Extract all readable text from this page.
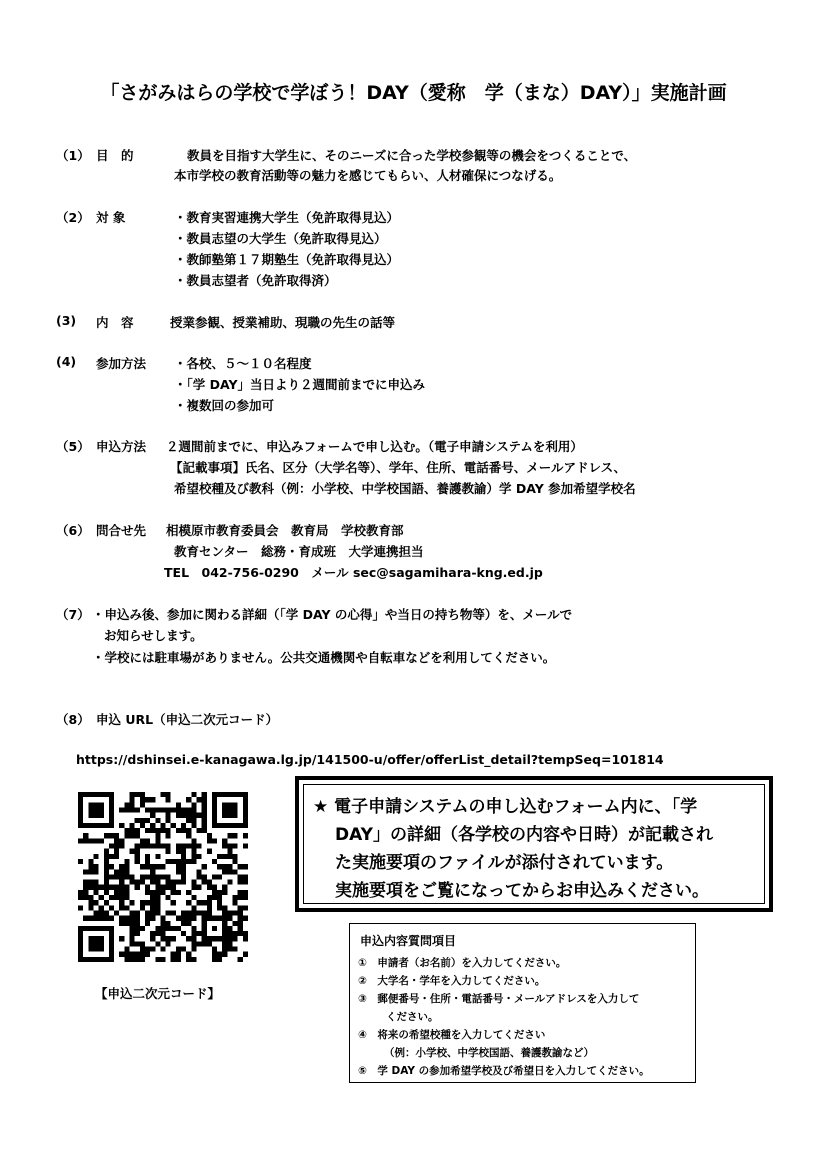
「さがみはらの学校で学ぼう！DAY（愛称　学（まな）DAY）」実施計画
（1） 目　的	教員を目指す大学生に、そのニーズに合った学校参観等の機会をつくることで、
本市学校の教育活動等の魅力を感じてもらい、人材確保につなげる。
（2） 対 象	・教育実習連携大学生（免許取得見込）
・教員志望の大学生（免許取得見込）
・教師塾第１７期塾生（免許取得見込）
・教員志望者（免許取得済）
(3) 内　容	授業参観、授業補助、現職の先生の話等
(4) 参加方法 ・各校、５～１０名程度
・「学 DAY」当日より２週間前までに申込み
・複数回の参加可
（5） 申込方法 ２週間前までに、申込みフォームで申し込む。（電子申請システムを利用）
【記載事項】氏名、区分（大学名等）、学年、住所、電話番号、メールアドレス、
希望校種及び教科（例：小学校、中学校国語、養護教諭）学 DAY 参加希望学校名
（6） 問合せ先 相模原市教育委員会　教育局　学校教育部
教育センター　総務・育成班　大学連携担当
TEL　042-756-0290　メール sec@sagamihara-kng.ed.jp
（7） ・申込み後、参加に関わる詳細（「学 DAY の心得」や当日の持ち物等）を、メールで
お知らせします。
・学校には駐車場がありません。公共交通機関や自転車などを利用してください。
（8） 申込 URL（申込二次元コード）
https://dshinsei.e-kanagawa.lg.jp/141500-u/offer/offerList_detail?tempSeq=101814
【申込二次元コード】
★ 電子申請システムの申し込むフォーム内に、「学
DAY」の詳細（各学校の内容や日時）が記載され
た実施要項のファイルが添付されています。
実施要項をご覧になってからお申込みください。
申込内容質問項目
①　申請者（お名前）を入力してください。
②　大学名・学年を入力してください。
③　郵便番号・住所・電話番号・メールアドレスを入力して
ください。
④　将来の希望校種を入力してください
（例：小学校、中学校国語、養護教諭など）
⑤　学 DAY の参加希望学校及び希望日を入力してください。
